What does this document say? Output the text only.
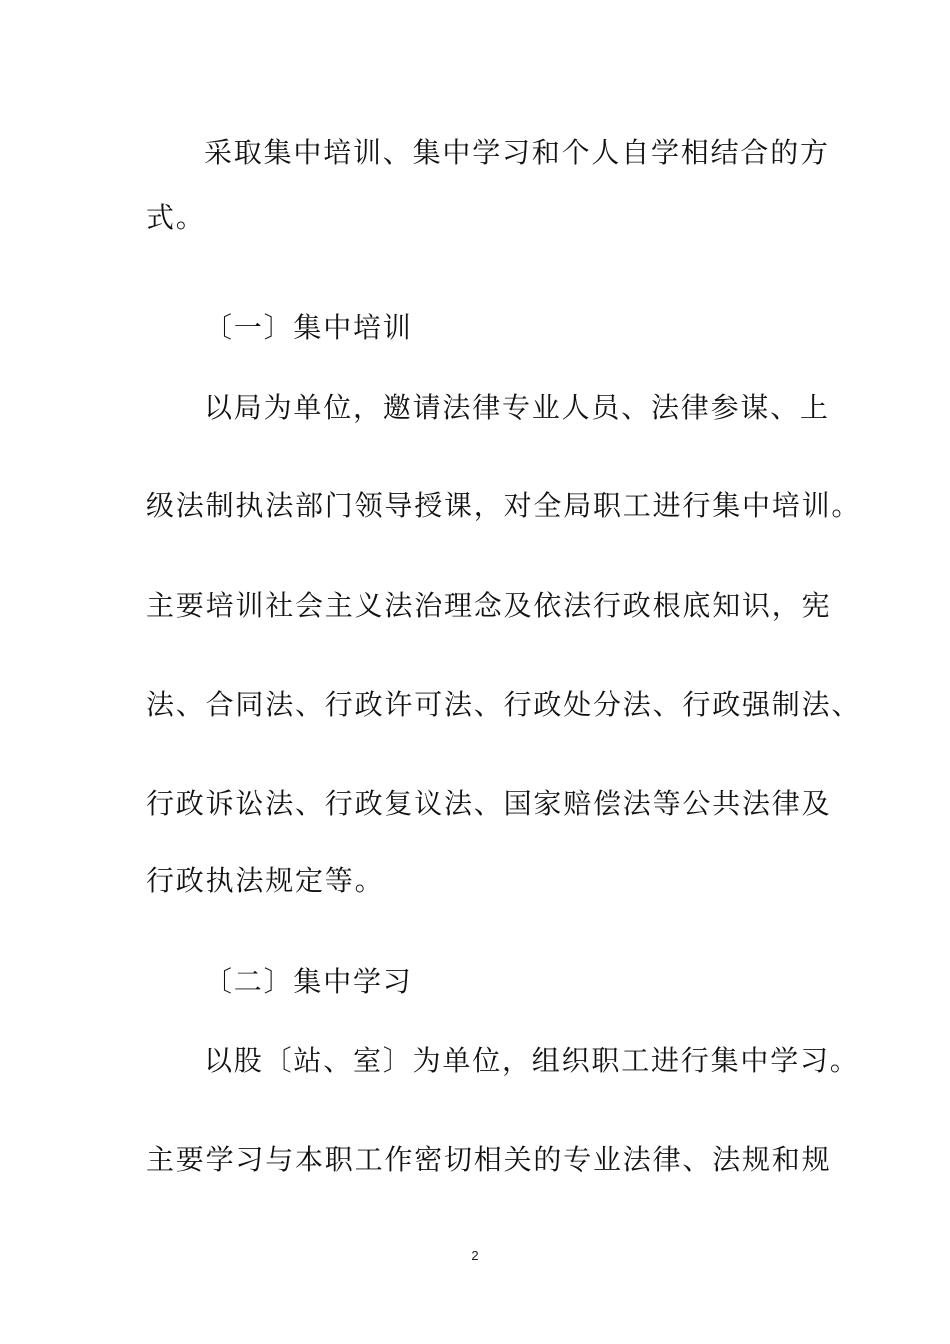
采取集中培训、集中学习和个人自学相结合的方
式。
〔一〕集中培训
以局为单位，邀请法律专业人员、法律参谋、上
级法制执法部门领导授课，对全局职工进行集中培训。
主要培训社会主义法治理念及依法行政根底知识，宪
法、合同法、行政许可法、行政处分法、行政强制法、
行政诉讼法、行政复议法、国家赔偿法等公共法律及
行政执法规定等。
〔二〕集中学习
以股〔站、室〕为单位，组织职工进行集中学习。
主要学习与本职工作密切相关的专业法律、法规和规
2
